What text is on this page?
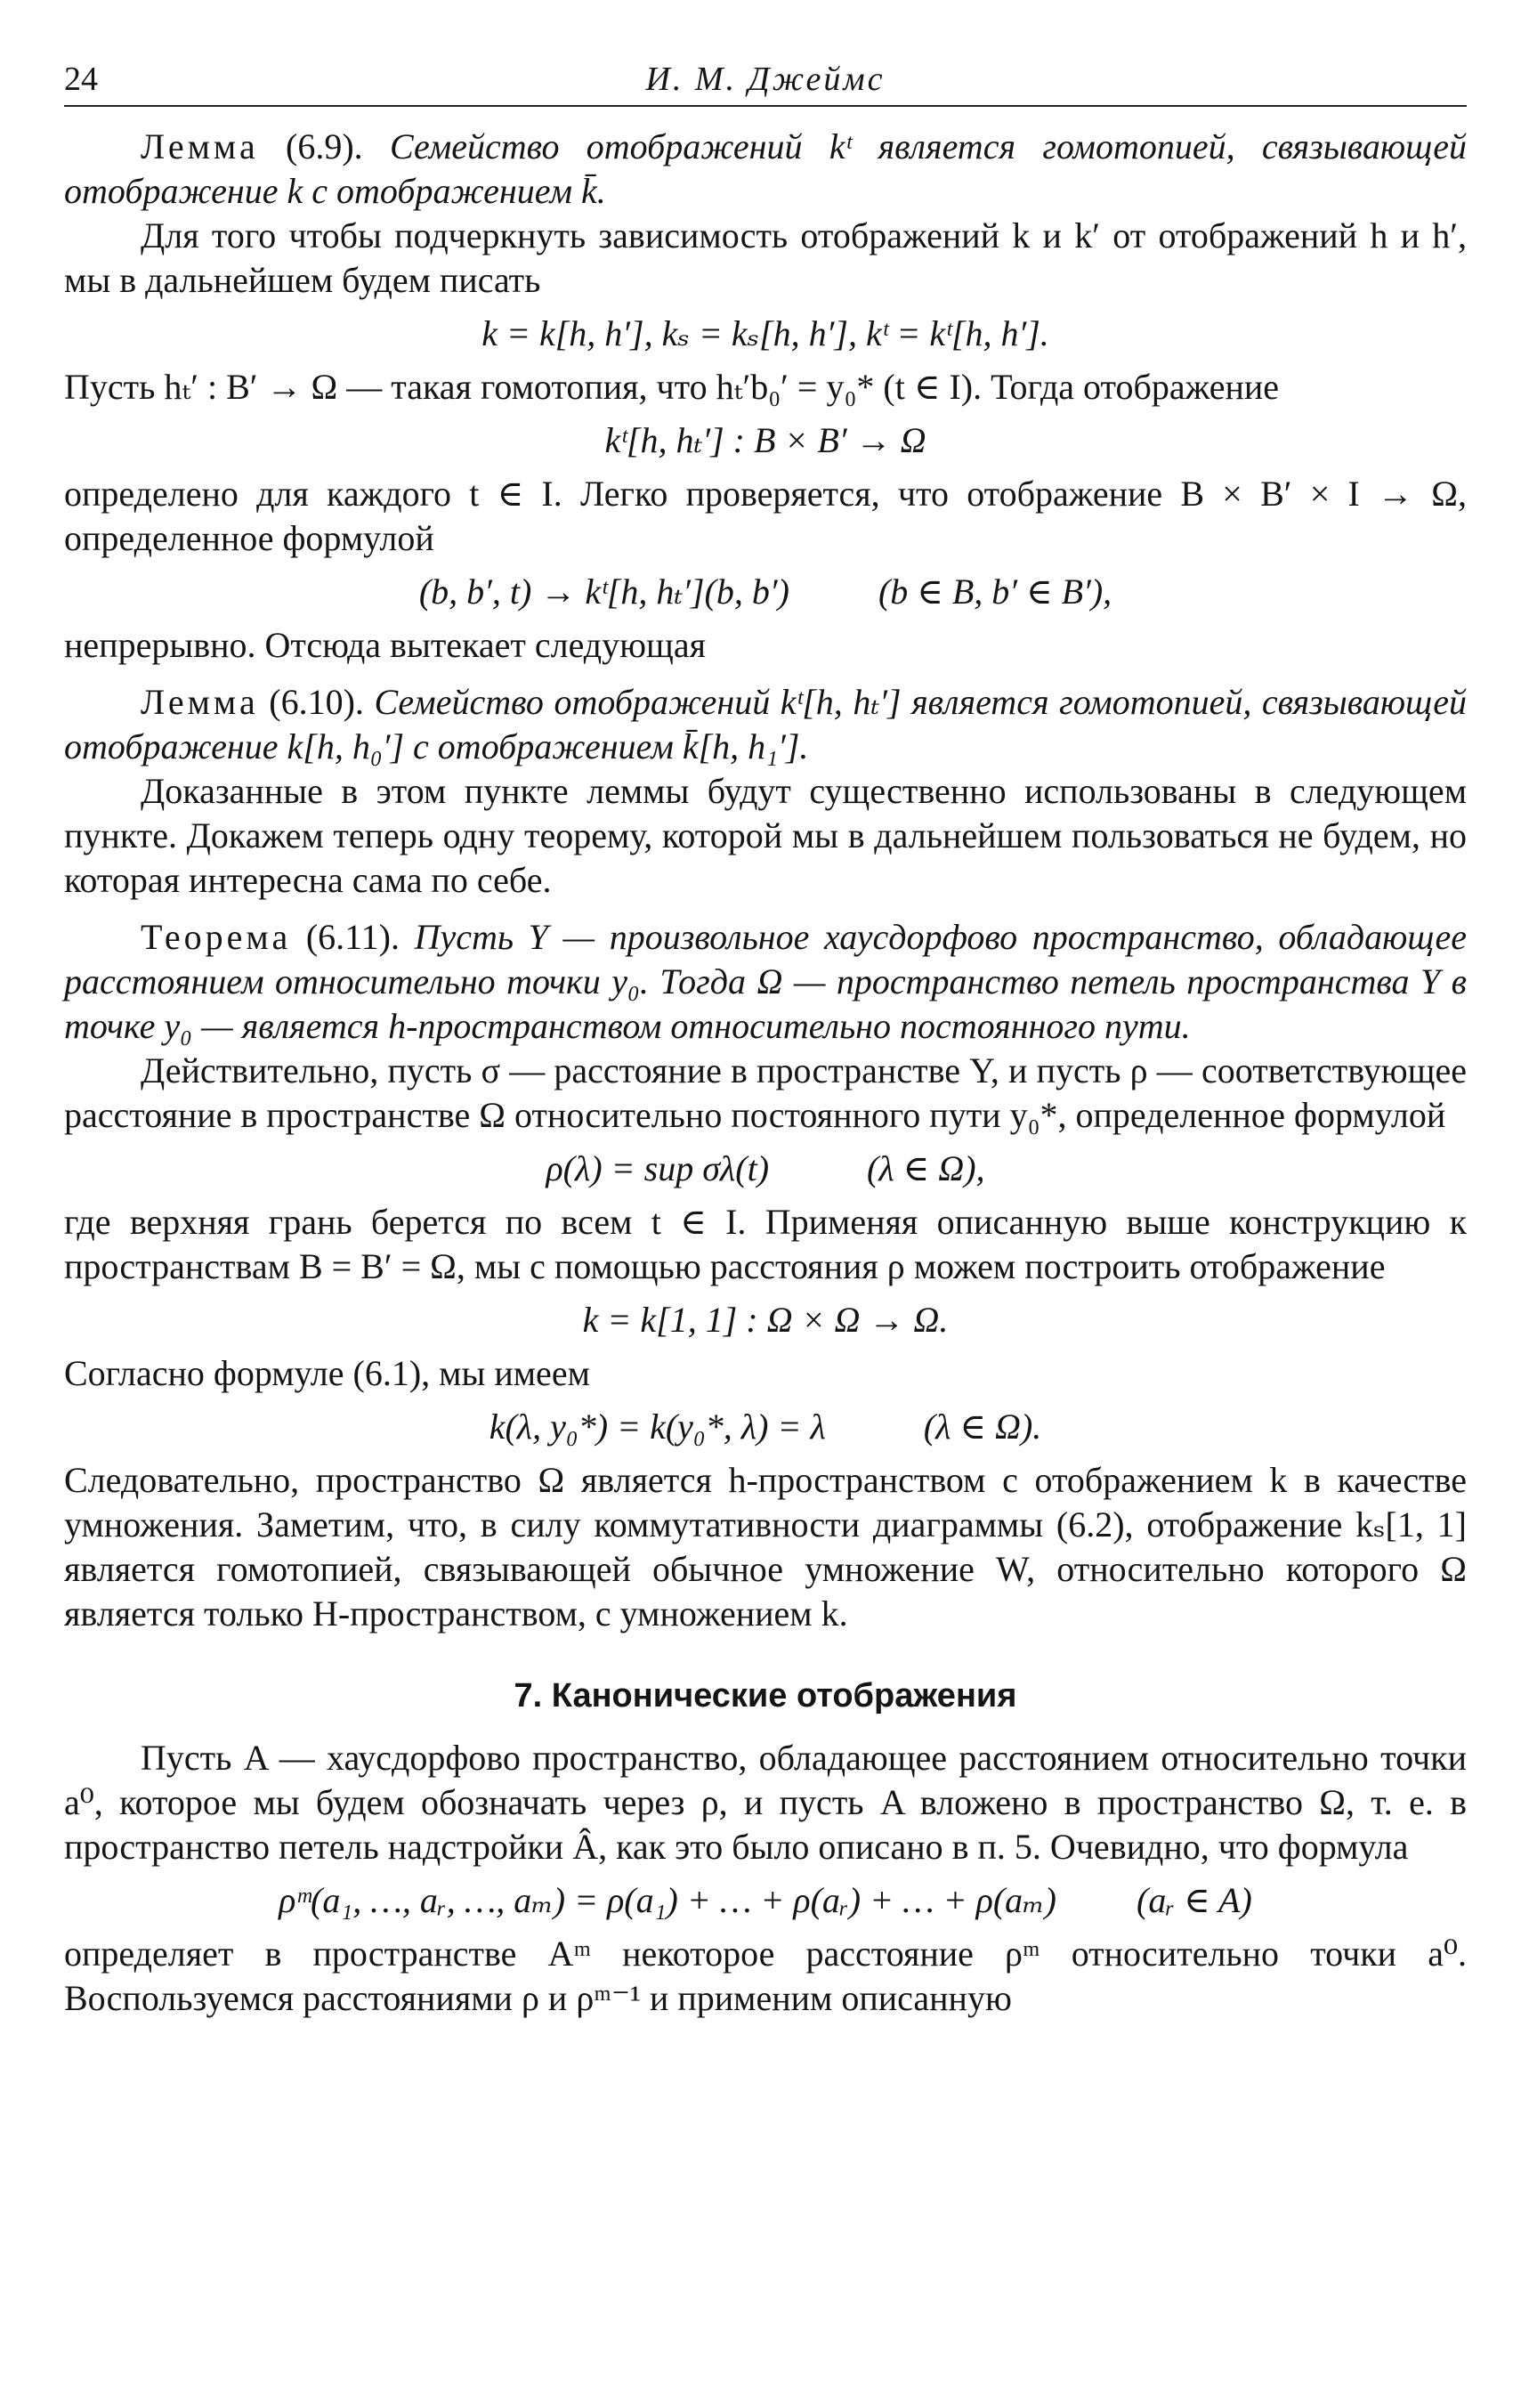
24	И. М. Джеймс

Лемма (6.9). Семейство отображений kᵗ является гомотопией, связывающей отображение k с отображением k̄.

Для того чтобы подчеркнуть зависимость отображений k и k′ от отображений h и h′, мы в дальнейшем будем писать

k = k[h, h′], kₛ = kₛ[h, h′], kᵗ = kᵗ[h, h′].

Пусть hₜ′ : B′ → Ω — такая гомотопия, что hₜ′b₀′ = y₀* (t ∈ I). Тогда отображение

kᵗ[h, hₜ′] : B × B′ → Ω

определено для каждого t ∈ I. Легко проверяется, что отображение B × B′ × I → Ω, определенное формулой

(b, b′, t) → kᵗ[h, hₜ′](b, b′)	(b ∈ B, b′ ∈ B′),

непрерывно. Отсюда вытекает следующая

Лемма (6.10). Семейство отображений kᵗ[h, hₜ′] является гомотопией, связывающей отображение k[h, h₀′] с отображением k̄[h, h₁′].

Доказанные в этом пункте леммы будут существенно использованы в следующем пункте. Докажем теперь одну теорему, которой мы в дальнейшем пользоваться не будем, но которая интересна сама по себе.

Теорема (6.11). Пусть Y — произвольное хаусдорфово пространство, обладающее расстоянием относительно точки y₀. Тогда Ω — пространство петель пространства Y в точке y₀ — является h-пространством относительно постоянного пути.

Действительно, пусть σ — расстояние в пространстве Y, и пусть ρ — соответствующее расстояние в пространстве Ω относительно постоянного пути y₀*, определенное формулой

ρ(λ) = sup σλ(t)	(λ ∈ Ω),

где верхняя грань берется по всем t ∈ I. Применяя описанную выше конструкцию к пространствам B = B′ = Ω, мы с помощью расстояния ρ можем построить отображение

k = k[1, 1] : Ω × Ω → Ω.

Согласно формуле (6.1), мы имеем

k(λ, y₀*) = k(y₀*, λ) = λ	(λ ∈ Ω).

Следовательно, пространство Ω является h-пространством с отображением k в качестве умножения. Заметим, что, в силу коммутативности диаграммы (6.2), отображение kₛ[1, 1] является гомотопией, связывающей обычное умножение W, относительно которого Ω является только H-пространством, с умножением k.

7. Канонические отображения

Пусть A — хаусдорфово пространство, обладающее расстоянием относительно точки a⁰, которое мы будем обозначать через ρ, и пусть A вложено в пространство Ω, т. е. в пространство петель надстройки Â, как это было описано в п. 5. Очевидно, что формула

ρᵐ(a₁, …, aᵣ, …, aₘ) = ρ(a₁) + … + ρ(aᵣ) + … + ρ(aₘ) (aᵣ ∈ A)

определяет в пространстве Aᵐ некоторое расстояние ρᵐ относительно точки a⁰. Воспользуемся расстояниями ρ и ρᵐ⁻¹ и применим описанную
